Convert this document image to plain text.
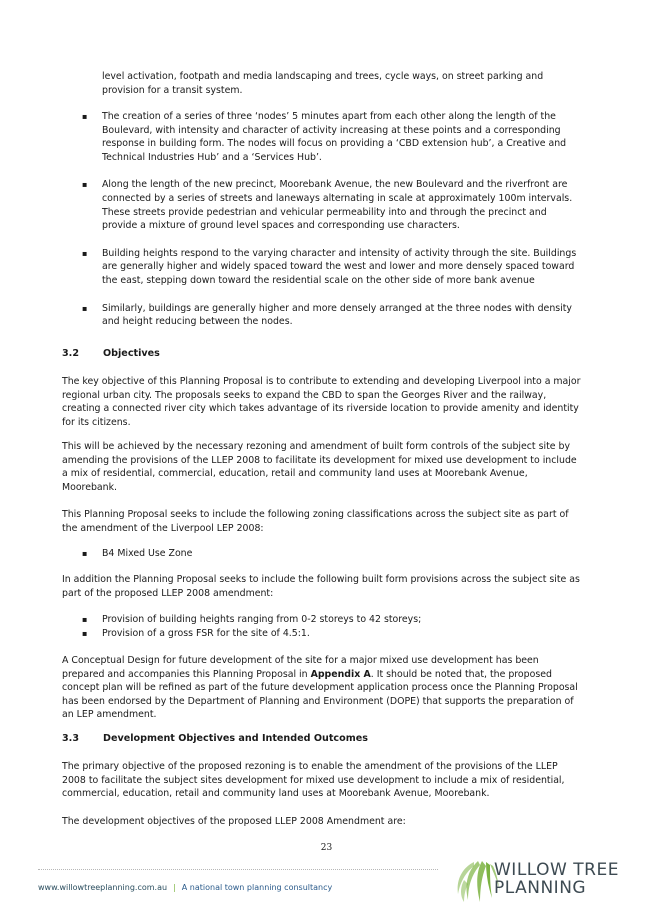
level activation, footpath and media landscaping and trees, cycle ways, on street parking and provision for a transit system.

▪ The creation of a series of three ‘nodes’ 5 minutes apart from each other along the length of the Boulevard, with intensity and character of activity increasing at these points and a corresponding response in building form. The nodes will focus on providing a ‘CBD extension hub’, a Creative and Technical Industries Hub’ and a ‘Services Hub’.
▪ Along the length of the new precinct, Moorebank Avenue, the new Boulevard and the riverfront are connected by a series of streets and laneways alternating in scale at approximately 100m intervals. These streets provide pedestrian and vehicular permeability into and through the precinct and provide a mixture of ground level spaces and corresponding use characters.
▪ Building heights respond to the varying character and intensity of activity through the site. Buildings are generally higher and widely spaced toward the west and lower and more densely spaced toward the east, stepping down toward the residential scale on the other side of more bank avenue
▪ Similarly, buildings are generally higher and more densely arranged at the three nodes with density and height reducing between the nodes.
3.2	Objectives

The key objective of this Planning Proposal is to contribute to extending and developing Liverpool into a major regional urban city. The proposals seeks to expand the CBD to span the Georges River and the railway, creating a connected river city which takes advantage of its riverside location to provide amenity and identity for its citizens.

This will be achieved by the necessary rezoning and amendment of built form controls of the subject site by amending the provisions of the LLEP 2008 to facilitate its development for mixed use development to include a mix of residential, commercial, education, retail and community land uses at Moorebank Avenue, Moorebank.

This Planning Proposal seeks to include the following zoning classifications across the subject site as part of the amendment of the Liverpool LEP 2008:

▪ B4 Mixed Use Zone

In addition the Planning Proposal seeks to include the following built form provisions across the subject site as part of the proposed LLEP 2008 amendment:

▪ Provision of building heights ranging from 0-2 storeys to 42 storeys;
▪ Provision of a gross FSR for the site of 4.5:1.

A Conceptual Design for future development of the site for a major mixed use development has been prepared and accompanies this Planning Proposal in Appendix A. It should be noted that, the proposed concept plan will be refined as part of the future development application process once the Planning Proposal has been endorsed by the Department of Planning and Environment (DOPE) that supports the preparation of an LEP amendment.

3.3	Development Objectives and Intended Outcomes

The primary objective of the proposed rezoning is to enable the amendment of the provisions of the LLEP 2008 to facilitate the subject sites development for mixed use development to include a mix of residential, commercial, education, retail and community land uses at Moorebank Avenue, Moorebank.

The development objectives of the proposed LLEP 2008 Amendment are:

23
www.willowtreeplanning.com.au | A national town planning consultancy
WILLOW TREE
PLANNING
